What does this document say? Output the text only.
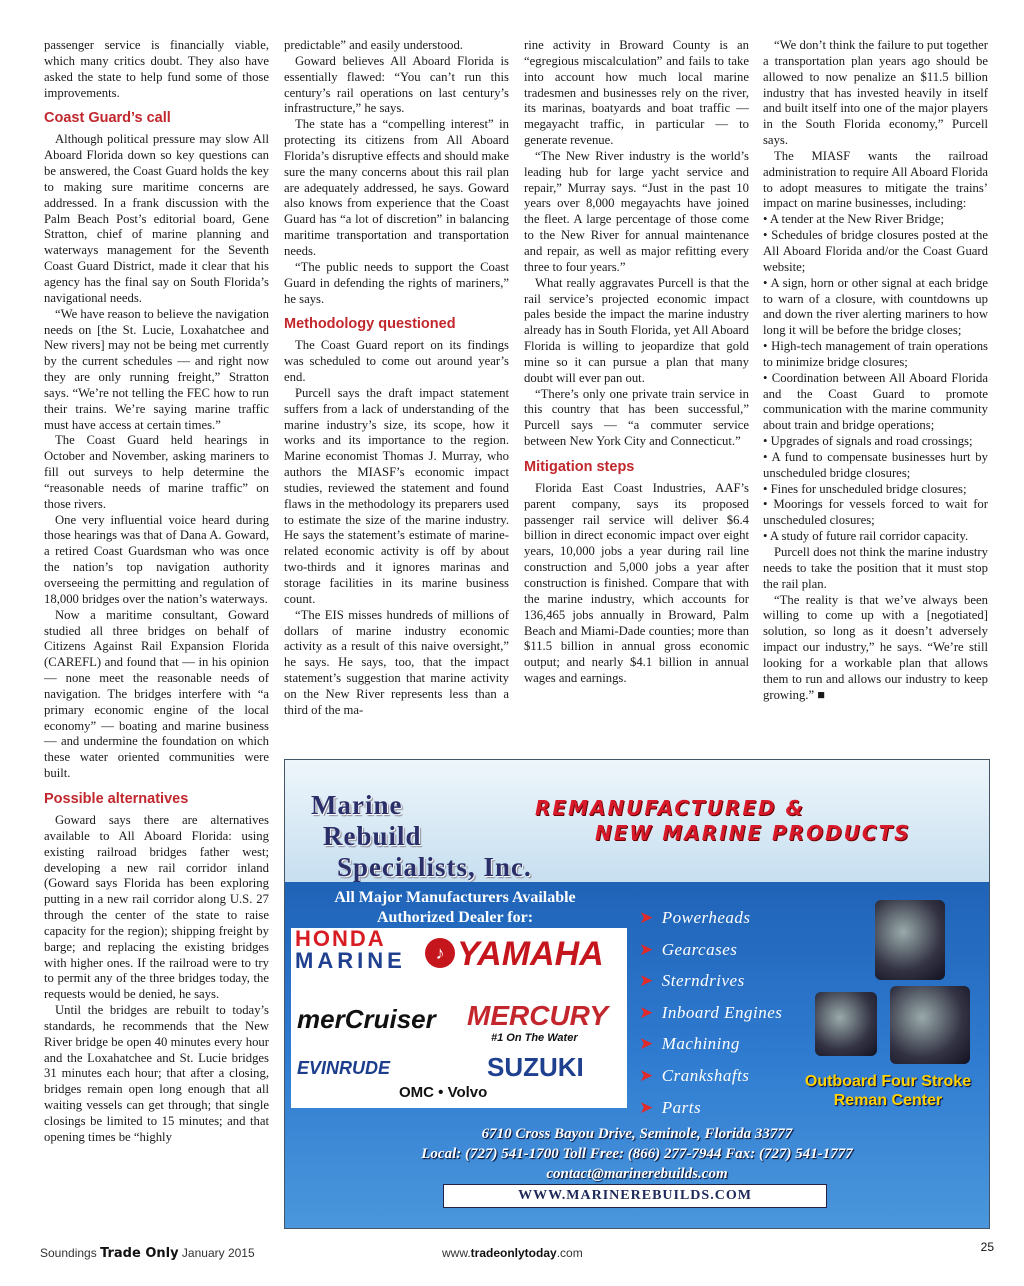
passenger service is financially viable, which many critics doubt. They also have asked the state to help fund some of those improvements.

Coast Guard’s call

Although political pressure may slow All Aboard Florida down so key questions can be answered, the Coast Guard holds the key to making sure maritime concerns are addressed. In a frank discussion with the Palm Beach Post’s editorial board, Gene Stratton, chief of marine planning and waterways management for the Seventh Coast Guard District, made it clear that his agency has the final say on South Florida’s navigational needs.

“We have reason to believe the navigation needs on [the St. Lucie, Loxahatchee and New rivers] may not be being met currently by the current schedules — and right now they are only running freight,” Stratton says. “We’re not telling the FEC how to run their trains. We’re saying marine traffic must have access at certain times.”

The Coast Guard held hearings in October and November, asking mariners to fill out surveys to help determine the “reasonable needs of marine traffic” on those rivers.

One very influential voice heard during those hearings was that of Dana A. Goward, a retired Coast Guardsman who was once the nation’s top navigation authority overseeing the permitting and regulation of 18,000 bridges over the nation’s waterways.

Now a maritime consultant, Goward studied all three bridges on behalf of Citizens Against Rail Expansion Florida (CAREFL) and found that — in his opinion — none meet the reasonable needs of navigation. The bridges interfere with “a primary economic engine of the local economy” — boating and marine business — and undermine the foundation on which these water oriented communities were built.

Possible alternatives

Goward says there are alternatives available to All Aboard Florida: using existing railroad bridges father west; developing a new rail corridor inland (Goward says Florida has been exploring putting in a new rail corridor along U.S. 27 through the center of the state to raise capacity for the region); shipping freight by barge; and replacing the existing bridges with higher ones. If the railroad were to try to permit any of the three bridges today, the requests would be denied, he says.

Until the bridges are rebuilt to today’s standards, he recommends that the New River bridge be open 40 minutes every hour and the Loxahatchee and St. Lucie bridges 31 minutes each hour; that after a closing, bridges remain open long enough that all waiting vessels can get through; that single closings be limited to 15 minutes; and that opening times be “highly

predictable” and easily understood.

Goward believes All Aboard Florida is essentially flawed: “You can’t run this century’s rail operations on last century’s infrastructure,” he says.

The state has a “compelling interest” in protecting its citizens from All Aboard Florida’s disruptive effects and should make sure the many concerns about this rail plan are adequately addressed, he says. Goward also knows from experience that the Coast Guard has “a lot of discretion” in balancing maritime transportation and transportation needs.

“The public needs to support the Coast Guard in defending the rights of mariners,” he says.

Methodology questioned

The Coast Guard report on its findings was scheduled to come out around year’s end.

Purcell says the draft impact statement suffers from a lack of understanding of the marine industry’s size, its scope, how it works and its importance to the region. Marine economist Thomas J. Murray, who authors the MIASF’s economic impact studies, reviewed the statement and found flaws in the methodology its preparers used to estimate the size of the marine industry. He says the statement’s estimate of marine-related economic activity is off by about two-thirds and it ignores marinas and storage facilities in its marine business count.

“The EIS misses hundreds of millions of dollars of marine industry economic activity as a result of this naive oversight,” he says. He says, too, that the impact statement’s suggestion that marine activity on the New River represents less than a third of the ma-

rine activity in Broward County is an “egregious miscalculation” and fails to take into account how much local marine tradesmen and businesses rely on the river, its marinas, boatyards and boat traffic — megayacht traffic, in particular — to generate revenue.

“The New River industry is the world’s leading hub for large yacht service and repair,” Murray says. “Just in the past 10 years over 8,000 megayachts have joined the fleet. A large percentage of those come to the New River for annual maintenance and repair, as well as major refitting every three to four years.”

What really aggravates Purcell is that the rail service’s projected economic impact pales beside the impact the marine industry already has in South Florida, yet All Aboard Florida is willing to jeopardize that gold mine so it can pursue a plan that many doubt will ever pan out.

“There’s only one private train service in this country that has been successful,” Purcell says — “a commuter service between New York City and Connecticut.”

Mitigation steps

Florida East Coast Industries, AAF’s parent company, says its proposed passenger rail service will deliver $6.4 billion in direct economic impact over eight years, 10,000 jobs a year during rail line construction and 5,000 jobs a year after construction is finished. Compare that with the marine industry, which accounts for 136,465 jobs annually in Broward, Palm Beach and Miami-Dade counties; more than $11.5 billion in annual gross economic output; and nearly $4.1 billion in annual wages and earnings.

“We don’t think the failure to put together a transportation plan years ago should be allowed to now penalize an $11.5 billion industry that has invested heavily in itself and built itself into one of the major players in the South Florida economy,” Purcell says.

The MIASF wants the railroad administration to require All Aboard Florida to adopt measures to mitigate the trains’ impact on marine businesses, including:

• A tender at the New River Bridge;

• Schedules of bridge closures posted at the All Aboard Florida and/or the Coast Guard website;

• A sign, horn or other signal at each bridge to warn of a closure, with countdowns up and down the river alerting mariners to how long it will be before the bridge closes;

• High-tech management of train operations to minimize bridge closures;

• Coordination between All Aboard Florida and the Coast Guard to promote communication with the marine community about train and bridge operations;

• Upgrades of signals and road crossings;

• A fund to compensate businesses hurt by unscheduled bridge closures;

• Fines for unscheduled bridge closures;

• Moorings for vessels forced to wait for unscheduled closures;

• A study of future rail corridor capacity.

Purcell does not think the marine industry needs to take the position that it must stop the rail plan.

“The reality is that we’ve always been willing to come up with a [negotiated] solution, so long as it doesn’t adversely impact our industry,” he says. “We’re still looking for a workable plan that allows them to run and allows our industry to keep growing.” ■

Marine
Rebuild
Specialists, Inc.
REMANUFACTURED &
NEW MARINE PRODUCTS
All Major Manufacturers Available
Authorized Dealer for:
HONDA
MARINE	♪ YAMAHA
merCruiser MERCURY
#1 On The Water
EVINRUDE	SUZUKI
OMC • Volvo
➤ Powerheads
➤ Gearcases
➤ Sterndrives
➤ Inboard Engines
➤ Machining
➤ Crankshafts
➤ Parts
Outboard Four Stroke
Reman Center
6710 Cross Bayou Drive, Seminole, Florida 33777
Local: (727) 541-1700 Toll Free: (866) 277-7944 Fax: (727) 541-1777
contact@marinerebuilds.com
WWW.MARINEREBUILDS.COM
Soundings Trade Only January 2015	www.tradeonlytoday.com	25
